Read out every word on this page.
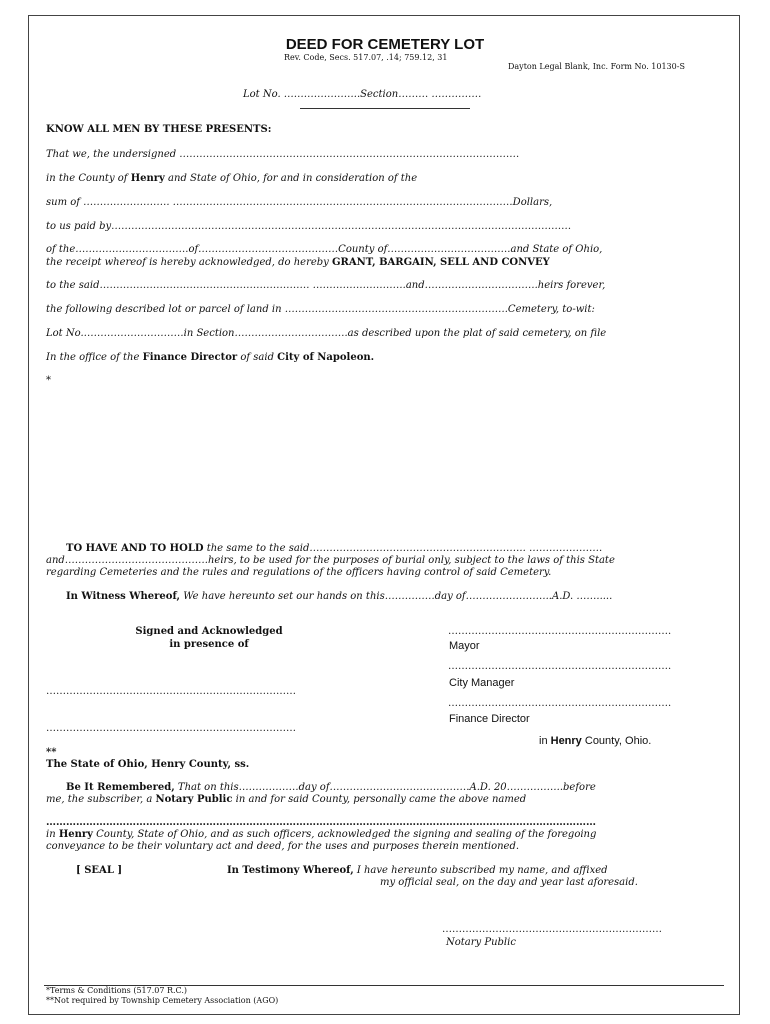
DEED FOR CEMETERY LOT
Rev. Code, Secs. 517.07, .14; 759.12, 31
Dayton Legal Blank, Inc. Form No. 10130-S
Lot No. …………………..Section……… ……………
KNOW ALL MEN BY THESE PRESENTS:
That we, the undersigned …………………………………………………………………………………………
in the County of Henry and State of Ohio, for and in consideration of the
sum of ……….……………. …………………………………………………………………………………………Dollars,
to us paid by…………………………………………………………………………………………………………………………
of the…………………………….of……………………………………County of……………………………….and State of Ohio,
the receipt whereof is hereby acknowledged, do hereby GRANT, BARGAIN, SELL AND CONVEY
to the said……………………………………………………… ……………………….and…………………………….heirs forever,
the following described lot or parcel of land in ………………………………………………………….Cemetery, to-wit:
Lot No.…………………………in Section…………………………….as described upon the plat of said cemetery, on file
In the office of the Finance Director of said City of Napoleon.
*
TO HAVE AND TO HOLD the same to the said……………………………………………………….. ………………….
and…………………………………….heirs, to be used for the purposes of burial only, subject to the laws of this State
regarding Cemeteries and the rules and regulations of the officers having control of said Cemetery.
In Witness Whereof, We have hereunto set our hands on this……………day of……………………..A.D. …….....
Signed and Acknowledged
in presence of
………………………………………………………….
Mayor
………………………………………………………….
City Manager
…………………………………………………………………
………………………………………………………….
Finance Director
…………………………………………………………………
in Henry County, Ohio.
**
The State of Ohio, Henry County, ss.
Be It Remembered, That on this………………day of……………………………………A.D. 20……………..before
me, the subscriber, a Notary Public in and for said County, personally came the above named
…………………………………………………………………………………………………………………………………………………
in Henry County, State of Ohio, and as such officers, acknowledged the signing and sealing of the foregoing
conveyance to be their voluntary act and deed, for the uses and purposes therein mentioned.
[ SEAL ]	In Testimony Whereof, I have hereunto subscribed my name, and affixed
my official seal, on the day and year last aforesaid.
…………………………………………………………
Notary Public
*Terms & Conditions (517.07 R.C.)
**Not required by Township Cemetery Association (AGO)
